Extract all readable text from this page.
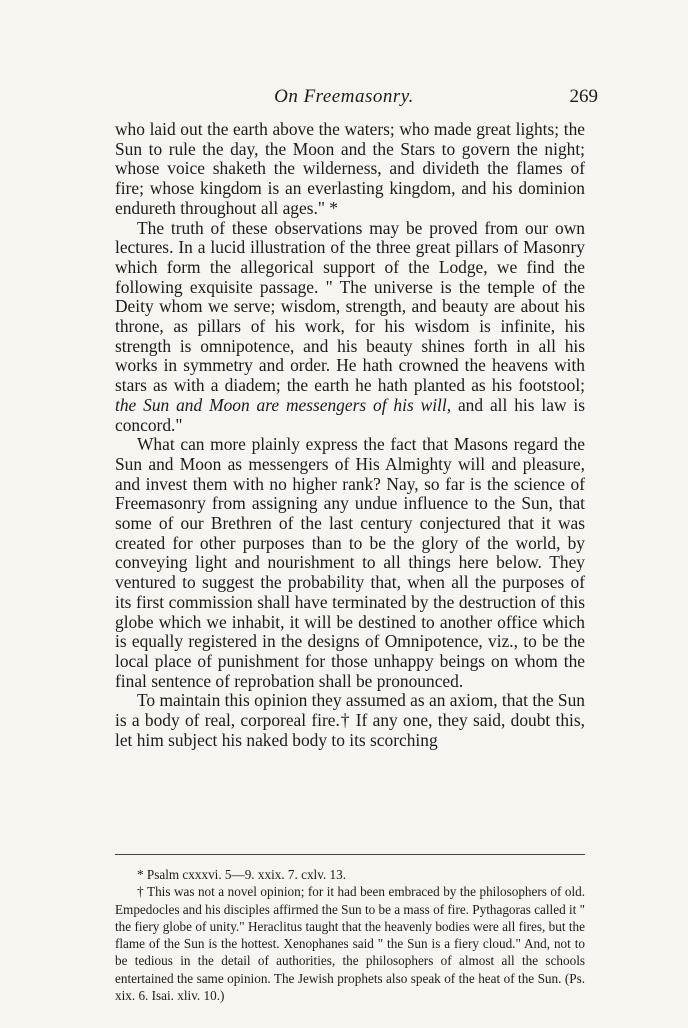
On Freemasonry.	269

who laid out the earth above the waters; who made great lights; the Sun to rule the day, the Moon and the Stars to govern the night; whose voice shaketh the wilderness, and divideth the flames of fire; whose kingdom is an everlasting kingdom, and his dominion endureth throughout all ages." *

The truth of these observations may be proved from our own lectures. In a lucid illustration of the three great pillars of Masonry which form the allegorical support of the Lodge, we find the following exquisite passage. " The universe is the temple of the Deity whom we serve; wisdom, strength, and beauty are about his throne, as pillars of his work, for his wisdom is infinite, his strength is omnipotence, and his beauty shines forth in all his works in symmetry and order. He hath crowned the heavens with stars as with a diadem; the earth he hath planted as his footstool; the Sun and Moon are messengers of his will, and all his law is concord."

What can more plainly express the fact that Masons regard the Sun and Moon as messengers of His Almighty will and pleasure, and invest them with no higher rank? Nay, so far is the science of Freemasonry from assigning any undue influence to the Sun, that some of our Brethren of the last century conjectured that it was created for other purposes than to be the glory of the world, by conveying light and nourishment to all things here below. They ventured to suggest the probability that, when all the purposes of its first commission shall have terminated by the destruction of this globe which we inhabit, it will be destined to another office which is equally registered in the designs of Omnipotence, viz., to be the local place of punishment for those unhappy beings on whom the final sentence of reprobation shall be pronounced.

To maintain this opinion they assumed as an axiom, that the Sun is a body of real, corporeal fire.† If any one, they said, doubt this, let him subject his naked body to its scorching

* Psalm cxxxvi. 5—9. xxix. 7. cxlv. 13.

† This was not a novel opinion; for it had been embraced by the philosophers of old. Empedocles and his disciples affirmed the Sun to be a mass of fire. Pythagoras called it " the fiery globe of unity." Heraclitus taught that the heavenly bodies were all fires, but the flame of the Sun is the hottest. Xenophanes said " the Sun is a fiery cloud." And, not to be tedious in the detail of authorities, the philosophers of almost all the schools entertained the same opinion. The Jewish prophets also speak of the heat of the Sun. (Ps. xix. 6. Isai. xliv. 10.)
